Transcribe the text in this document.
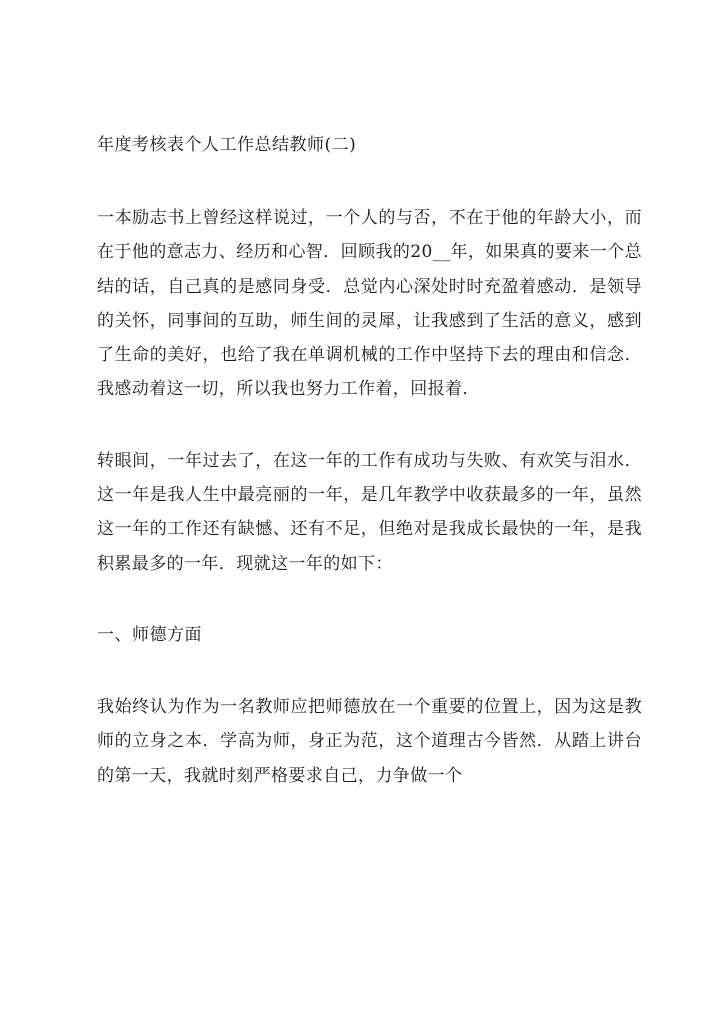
年度考核表个人工作总结教师(二)

一本励志书上曾经这样说过，一个人的与否，不在于他的年龄大小，而在于他的意志力、经历和心智．回顾我的20__年，如果真的要来一个总结的话，自己真的是感同身受．总觉内心深处时时充盈着感动．是领导的关怀，同事间的互助，师生间的灵犀，让我感到了生活的意义，感到了生命的美好，也给了我在单调机械的工作中坚持下去的理由和信念．我感动着这一切，所以我也努力工作着，回报着．

转眼间，一年过去了，在这一年的工作有成功与失败、有欢笑与泪水．这一年是我人生中最亮丽的一年，是几年教学中收获最多的一年，虽然这一年的工作还有缺憾、还有不足，但绝对是我成长最快的一年，是我积累最多的一年．现就这一年的如下：

一、师德方面

我始终认为作为一名教师应把师德放在一个重要的位置上，因为这是教师的立身之本．学高为师，身正为范，这个道理古今皆然．从踏上讲台的第一天，我就时刻严格要求自己，力争做一个
